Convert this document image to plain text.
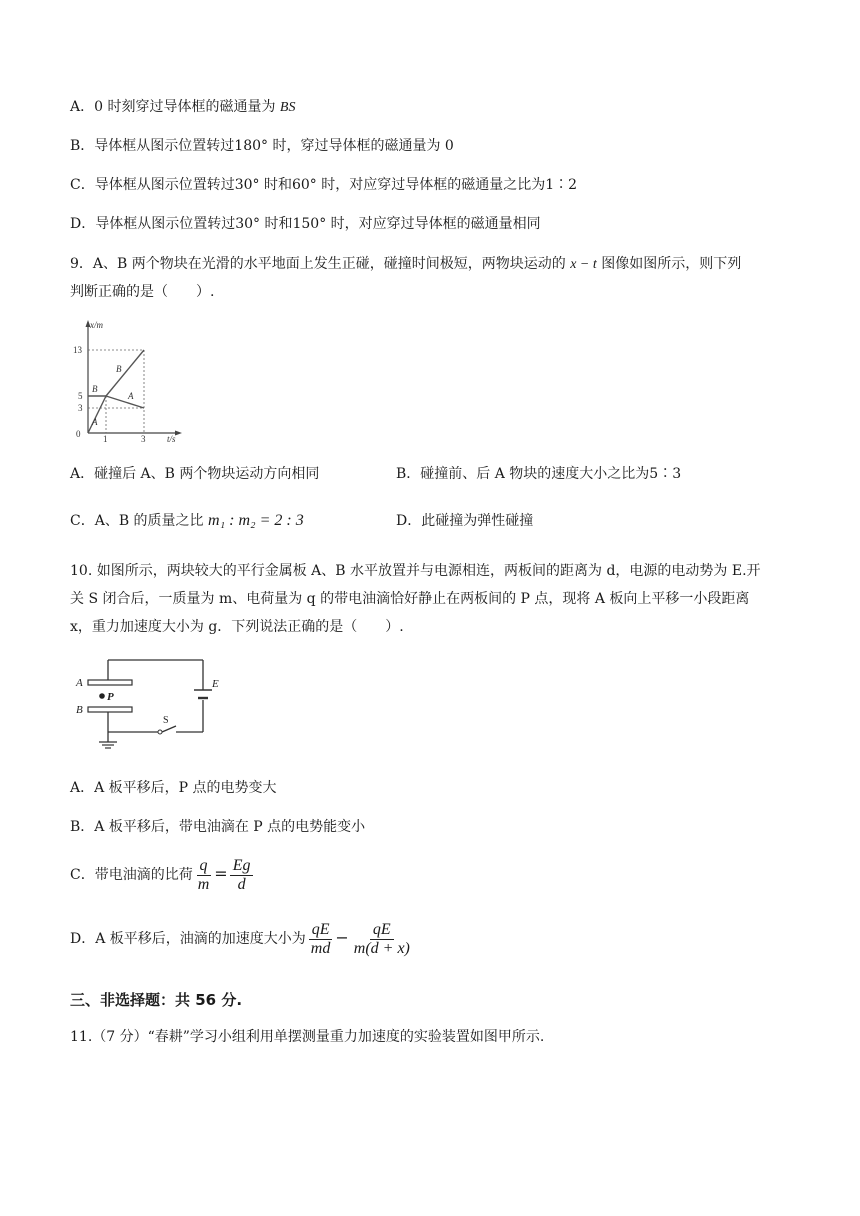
A．0 时刻穿过导体框的磁通量为 BS
B．导体框从图示位置转过180° 时，穿过导体框的磁通量为 0
C．导体框从图示位置转过30° 时和60° 时，对应穿过导体框的磁通量之比为1∶2
D．导体框从图示位置转过30° 时和150° 时，对应穿过导体框的磁通量相同
9．A、B 两个物块在光滑的水平地面上发生正碰，碰撞时间极短，两物块运动的 x − t 图像如图所示，则下列
判断正确的是（　　）.
x/m
t/s
0
3
5
13
1	3
B
A
B
A
A．碰撞后 A、B 两个物块运动方向相同	B．碰撞前、后 A 物块的速度大小之比为5∶3
C．A、B 的质量之比 m₁ : m₂ = 2 : 3	D．此碰撞为弹性碰撞
10. 如图所示，两块较大的平行金属板 A、B 水平放置并与电源相连，两板间的距离为 d，电源的电动势为 E.开
关 S 闭合后，一质量为 m、电荷量为 q 的带电油滴恰好静止在两板间的 P 点，现将 A 板向上平移一小段距离
x，重力加速度大小为 g．下列说法正确的是（　　）.
A
P
B
E
S
A．A 板平移后，P 点的电势变大
B．A 板平移后，带电油滴在 P 点的电势能变小
C．带电油滴的比荷 $\frac{q}{m} = \frac{Eg}{d}$
D．A 板平移后，油滴的加速度大小为 $\frac{qE}{md} - \frac{qE}{m(d + x)}$
三、非选择题：共 56 分.
11.（7 分）“春耕”学习小组利用单摆测量重力加速度的实验装置如图甲所示.
